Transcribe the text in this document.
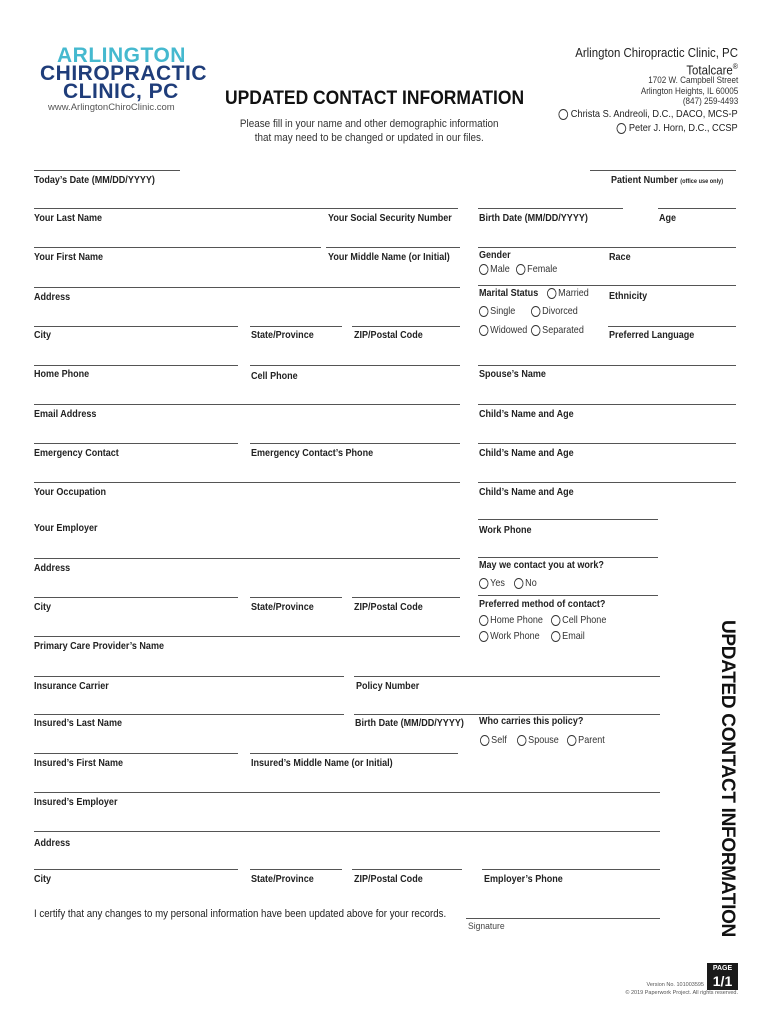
ARLINGTON
CHIROPRACTIC
CLINIC, PC
www.ArlingtonChiroClinic.com	UPDATED CONTACT INFORMATION
Please fill in your name and other demographic information that may need to be changed or updated in our files.
Arlington Chiropractic Clinic, PC
Totalcare®
1702 W. Campbell Street
Arlington Heights, IL 60005
(847) 259-4493
Christa S. Andreoli, D.C., DACO, MCS-P
Peter J. Horn, D.C., CCSP
Today’s Date (MM/DD/YYYY)	Patient Number (office use only)
Your Last Name	Your Social Security Number	Birth Date (MM/DD/YYYY)	Age
Your First Name	Your Middle Name (or Initial)	Gender	Race
Male Female
Address	Marital Status Married Ethnicity
Single	Divorced
Widowed Separated
City	State/Province	ZIP/Postal Code	Preferred Language
Home Phone	Cell Phone	Spouse’s Name
Email Address	Child’s Name and Age
Emergency Contact	Emergency Contact’s Phone	Child’s Name and Age
Your Occupation	Child’s Name and Age
Your Employer	Work Phone
Address	May we contact you at work?
Yes No
City	State/Province	ZIP/Postal Code	Preferred method of contact?
Home Phone Cell Phone
Work Phone Email
Primary Care Provider’s Name
Insurance Carrier	Policy Number
Insured’s Last Name	Birth Date (MM/DD/YYYY) Who carries this policy?
Self Spouse Parent
Insured’s First Name	Insured’s Middle Name (or Initial)
Insured’s Employer
Address
City	State/Province	ZIP/Postal Code	Employer’s Phone
I certify that any changes to my personal information have been updated above for your records.
Signature	UPDATED CONTACT INFORMATION
PAGE
1/1
Version No. 101003595
© 2019 Paperwork Project. All rights reserved.
